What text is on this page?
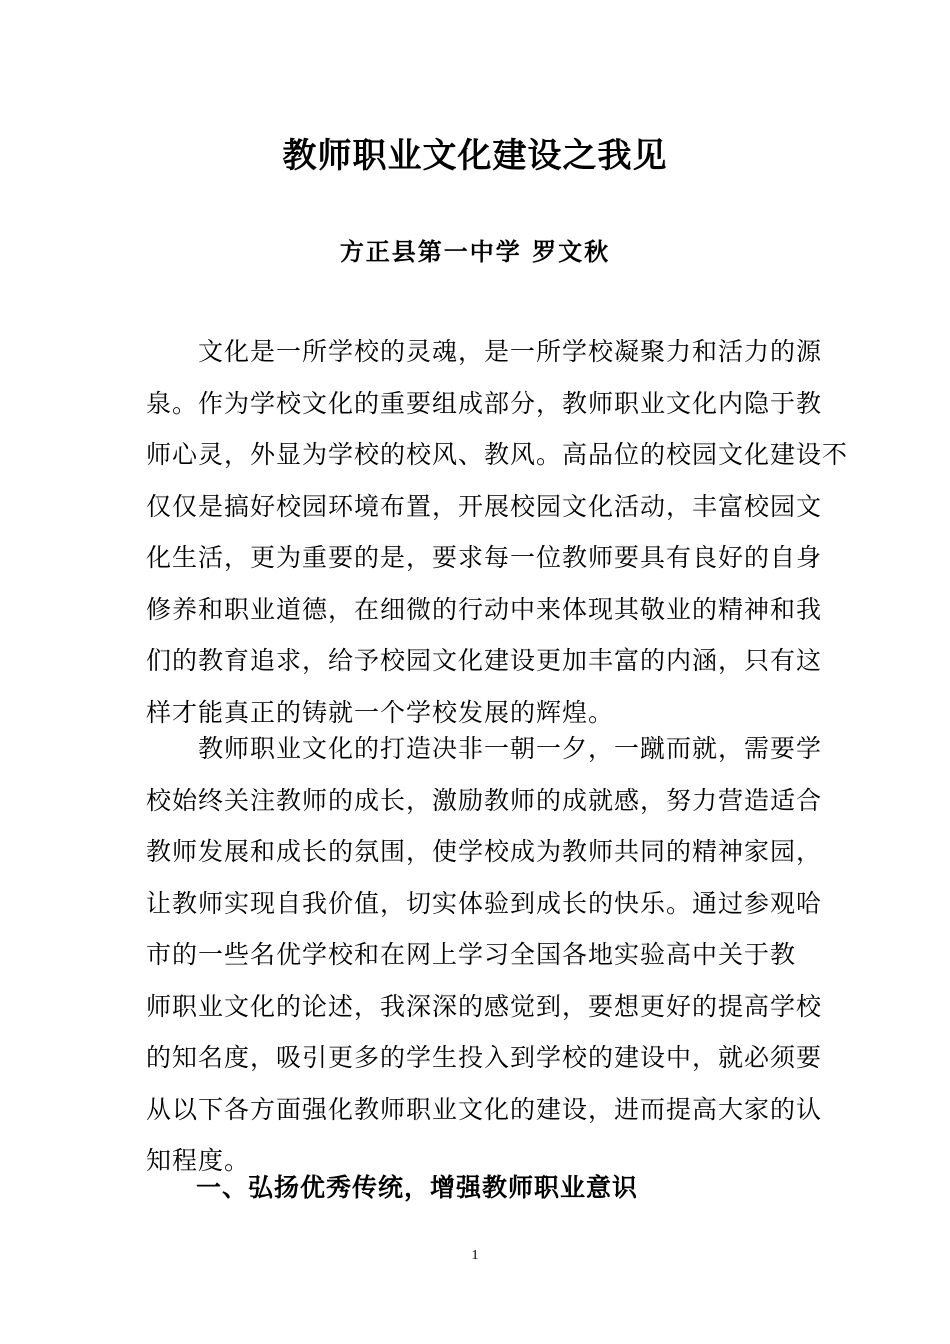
教师职业文化建设之我见
方正县第一中学 罗文秋
　　文化是一所学校的灵魂，是一所学校凝聚力和活力的源
泉。作为学校文化的重要组成部分，教师职业文化内隐于教
师心灵，外显为学校的校风、教风。高品位的校园文化建设不
仅仅是搞好校园环境布置，开展校园文化活动，丰富校园文
化生活，更为重要的是，要求每一位教师要具有良好的自身
修养和职业道德，在细微的行动中来体现其敬业的精神和我
们的教育追求，给予校园文化建设更加丰富的内涵，只有这
样才能真正的铸就一个学校发展的辉煌。
　　教师职业文化的打造决非一朝一夕，一蹴而就，需要学
校始终关注教师的成长，激励教师的成就感，努力营造适合
教师发展和成长的氛围，使学校成为教师共同的精神家园，
让教师实现自我价值，切实体验到成长的快乐。通过参观哈
市的一些名优学校和在网上学习全国各地实验高中关于教
师职业文化的论述，我深深的感觉到，要想更好的提高学校
的知名度，吸引更多的学生投入到学校的建设中，就必须要
从以下各方面强化教师职业文化的建设，进而提高大家的认
知程度。
一、弘扬优秀传统，增强教师职业意识
1
